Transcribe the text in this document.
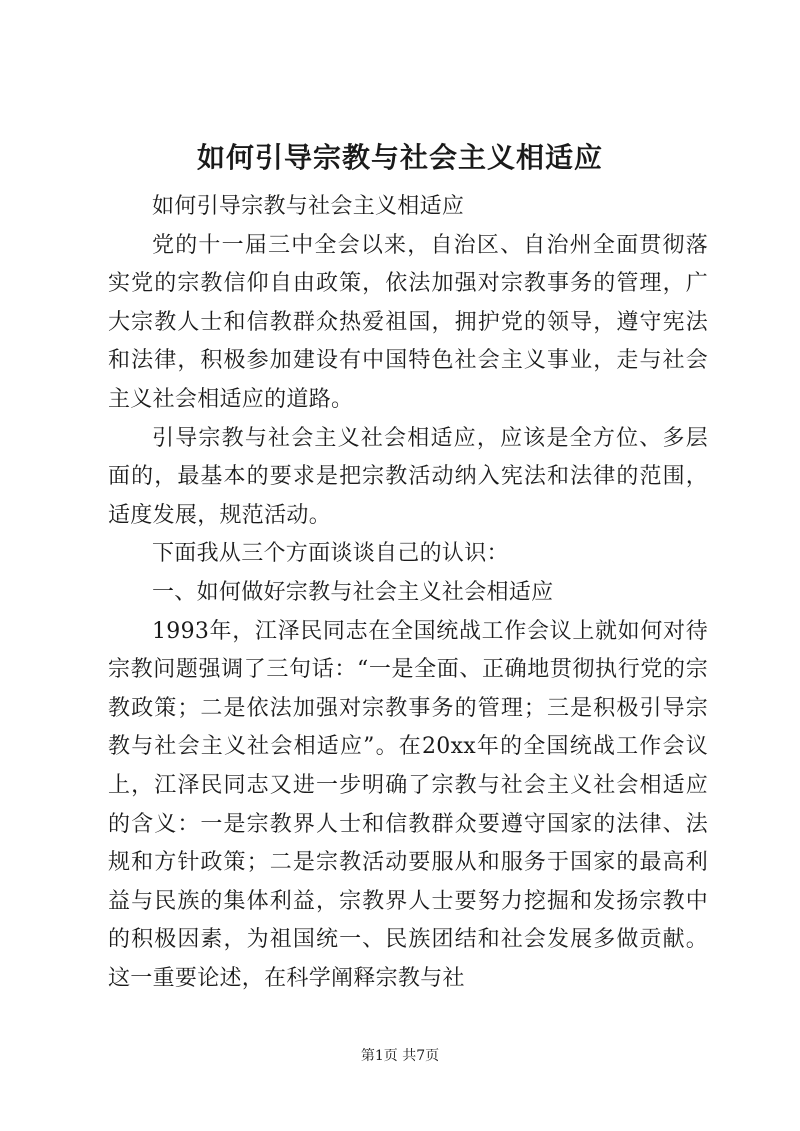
如何引导宗教与社会主义相适应

如何引导宗教与社会主义相适应

党的十一届三中全会以来，自治区、自治州全面贯彻落实党的宗教信仰自由政策，依法加强对宗教事务的管理，广大宗教人士和信教群众热爱祖国，拥护党的领导，遵守宪法和法律，积极参加建设有中国特色社会主义事业，走与社会主义社会相适应的道路。

引导宗教与社会主义社会相适应，应该是全方位、多层面的，最基本的要求是把宗教活动纳入宪法和法律的范围，适度发展，规范活动。

下面我从三个方面谈谈自己的认识：

一、如何做好宗教与社会主义社会相适应

1993年，江泽民同志在全国统战工作会议上就如何对待宗教问题强调了三句话：“一是全面、正确地贯彻执行党的宗教政策；二是依法加强对宗教事务的管理；三是积极引导宗教与社会主义社会相适应”。在20xx年的全国统战工作会议上，江泽民同志又进一步明确了宗教与社会主义社会相适应的含义：一是宗教界人士和信教群众要遵守国家的法律、法规和方针政策；二是宗教活动要服从和服务于国家的最高利益与民族的集体利益，宗教界人士要努力挖掘和发扬宗教中的积极因素，为祖国统一、民族团结和社会发展多做贡献。这一重要论述，在科学阐释宗教与社

第1页 共7页
